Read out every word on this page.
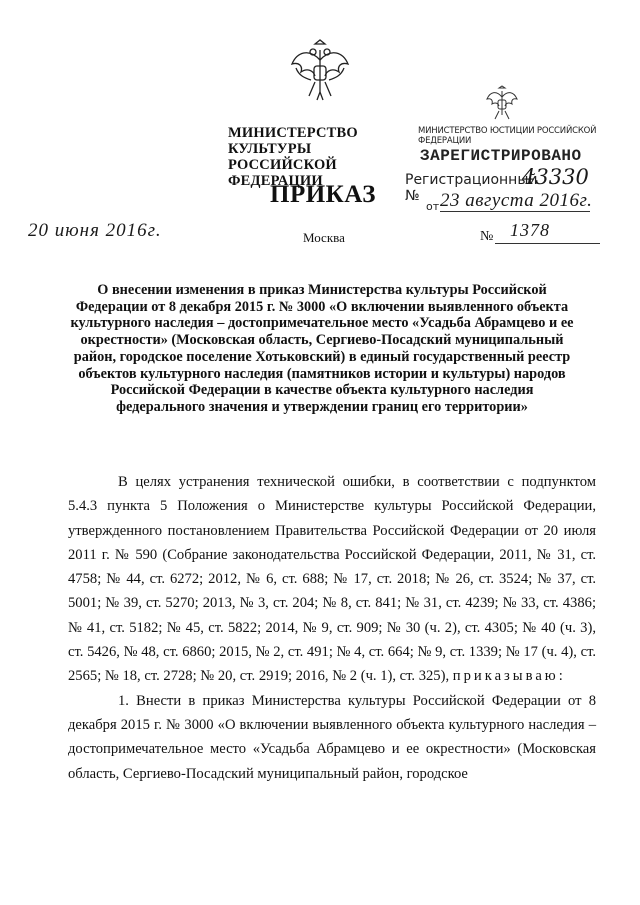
МИНИСТЕРСТВО КУЛЬТУРЫ
РОССИЙСКОЙ ФЕДЕРАЦИИ
МИНИСТЕРСТВО ЮСТИЦИИ РОССИЙСКОЙ ФЕДЕРАЦИИ
ЗАРЕГИСТРИРОВАНО
Регистрационный №
43330
от 23 августа 2016г.
ПРИКАЗ
20 июня 2016г.	Москва	№ 1378
О внесении изменения в приказ Министерства культуры Российской Федерации от 8 декабря 2015 г. № 3000 «О включении выявленного объекта культурного наследия – достопримечательное место «Усадьба Абрамцево и ее окрестности» (Московская область, Сергиево-Посадский муниципальный район, городское поселение Хотьковский) в единый государственный реестр объектов культурного наследия (памятников истории и культуры) народов Российской Федерации в качестве объекта культурного наследия федерального значения и утверждении границ его территории»

В целях устранения технической ошибки, в соответствии с подпунктом 5.4.3 пункта 5 Положения о Министерстве культуры Российской Федерации, утвержденного постановлением Правительства Российской Федерации от 20 июля 2011 г. № 590 (Собрание законодательства Российской Федерации, 2011, № 31, ст. 4758; № 44, ст. 6272; 2012, № 6, ст. 688; № 17, ст. 2018; № 26, ст. 3524; № 37, ст. 5001; № 39, ст. 5270; 2013, № 3, ст. 204; № 8, ст. 841; № 31, ст. 4239; № 33, ст. 4386; № 41, ст. 5182; № 45, ст. 5822; 2014, № 9, ст. 909; № 30 (ч. 2), ст. 4305; № 40 (ч. 3), ст. 5426, № 48, ст. 6860; 2015, № 2, ст. 491; № 4, ст. 664; № 9, ст. 1339; № 17 (ч. 4), ст. 2565; № 18, ст. 2728; № 20, ст. 2919; 2016, № 2 (ч. 1), ст. 325), приказываю:

1. Внести в приказ Министерства культуры Российской Федерации от 8 декабря 2015 г. № 3000 «О включении выявленного объекта культурного наследия – достопримечательное место «Усадьба Абрамцево и ее окрестности» (Московская область, Сергиево-Посадский муниципальный район, городское
